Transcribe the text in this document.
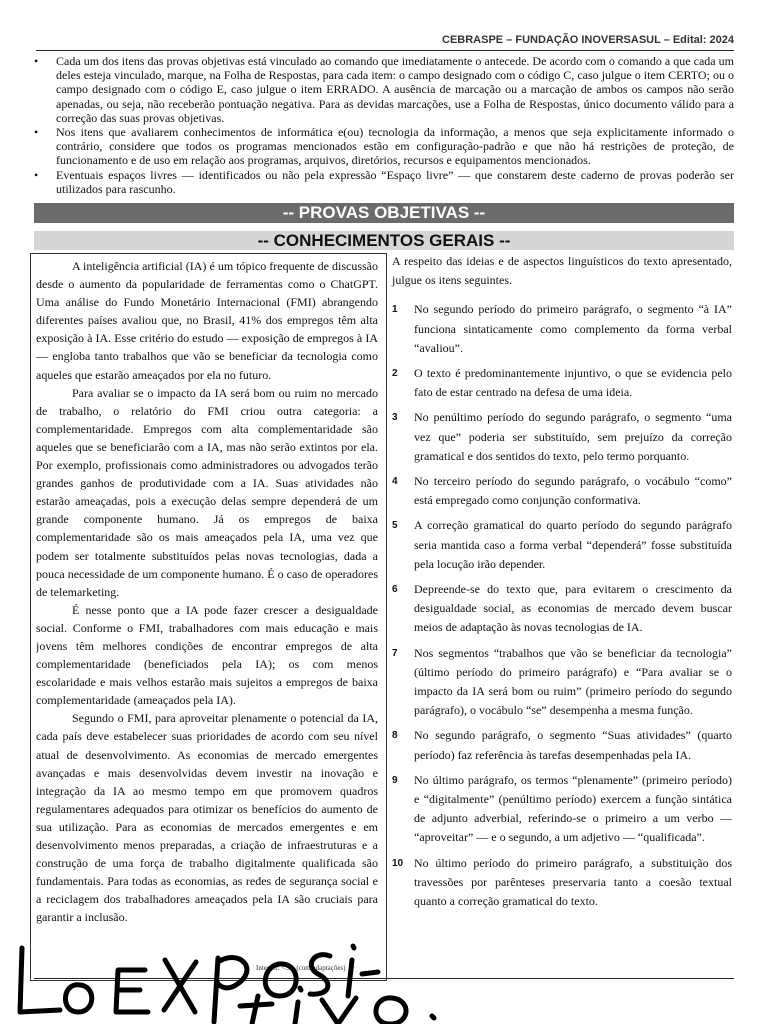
CEBRASPE – FUNDAÇÃO INOVERSASUL – Edital: 2024
• Cada um dos itens das provas objetivas está vinculado ao comando que imediatamente o antecede. De acordo com o comando a que cada um deles esteja vinculado, marque, na Folha de Respostas, para cada item: o campo designado com o código C, caso julgue o item CERTO; ou o campo designado com o código E, caso julgue o item ERRADO. A ausência de marcação ou a marcação de ambos os campos não serão apenadas, ou seja, não receberão pontuação negativa. Para as devidas marcações, use a Folha de Respostas, único documento válido para a correção das suas provas objetivas.
• Nos itens que avaliarem conhecimentos de informática e(ou) tecnologia da informação, a menos que seja explicitamente informado o contrário, considere que todos os programas mencionados estão em configuração-padrão e que não há restrições de proteção, de funcionamento e de uso em relação aos programas, arquivos, diretórios, recursos e equipamentos mencionados.
• Eventuais espaços livres — identificados ou não pela expressão “Espaço livre” — que constarem deste caderno de provas poderão ser utilizados para rascunho.
-- PROVAS OBJETIVAS --
-- CONHECIMENTOS GERAIS --

A inteligência artificial (IA) é um tópico frequente de discussão desde o aumento da popularidade de ferramentas como o ChatGPT. Uma análise do Fundo Monetário Internacional (FMI) abrangendo diferentes países avaliou que, no Brasil, 41% dos empregos têm alta exposição à IA. Esse critério do estudo — exposição de empregos à IA — engloba tanto trabalhos que vão se beneficiar da tecnologia como aqueles que estarão ameaçados por ela no futuro.

Para avaliar se o impacto da IA será bom ou ruim no mercado de trabalho, o relatório do FMI criou outra categoria: a complementaridade. Empregos com alta complementaridade são aqueles que se beneficiarão com a IA, mas não serão extintos por ela. Por exemplo, profissionais como administradores ou advogados terão grandes ganhos de produtividade com a IA. Suas atividades não estarão ameaçadas, pois a execução delas sempre dependerá de um grande componente humano. Já os empregos de baixa complementaridade são os mais ameaçados pela IA, uma vez que podem ser totalmente substituídos pelas novas tecnologias, dada a pouca necessidade de um componente humano. É o caso de operadores de telemarketing.

É nesse ponto que a IA pode fazer crescer a desigualdade social. Conforme o FMI, trabalhadores com mais educação e mais jovens têm melhores condições de encontrar empregos de alta complementaridade (beneficiados pela IA); os com menos escolaridade e mais velhos estarão mais sujeitos a empregos de baixa complementaridade (ameaçados pela IA).

Segundo o FMI, para aproveitar plenamente o potencial da IA, cada país deve estabelecer suas prioridades de acordo com seu nível atual de desenvolvimento. As economias de mercado emergentes avançadas e mais desenvolvidas devem investir na inovação e integração da IA ao mesmo tempo em que promovem quadros regulamentares adequados para otimizar os benefícios do aumento de sua utilização. Para as economias de mercados emergentes e em desenvolvimento menos preparadas, a criação de infraestruturas e a construção de uma força de trabalho digitalmente qualificada são fundamentais. Para todas as economias, as redes de segurança social e a reciclagem dos trabalhadores ameaçados pela IA são cruciais para garantir a inclusão.

Internet: <...> (com adaptações)

A respeito das ideias e de aspectos linguísticos do texto apresentado, julgue os itens seguintes.

1 No segundo período do primeiro parágrafo, o segmento “à IA” funciona sintaticamente como complemento da forma verbal “avaliou”.
2 O texto é predominantemente injuntivo, o que se evidencia pelo fato de estar centrado na defesa de uma ideia.
3 No penúltimo período do segundo parágrafo, o segmento “uma vez que” poderia ser substituído, sem prejuízo da correção gramatical e dos sentidos do texto, pelo termo porquanto.
4 No terceiro período do segundo parágrafo, o vocábulo “como” está empregado como conjunção conformativa.
5 A correção gramatical do quarto período do segundo parágrafo seria mantida caso a forma verbal “dependerá” fosse substituída pela locução irão depender.
6 Depreende-se do texto que, para evitarem o crescimento da desigualdade social, as economias de mercado devem buscar meios de adaptação às novas tecnologias de IA.
7 Nos segmentos “trabalhos que vão se beneficiar da tecnologia” (último período do primeiro parágrafo) e “Para avaliar se o impacto da IA será bom ou ruim” (primeiro período do segundo parágrafo), o vocábulo “se” desempenha a mesma função.
8 No segundo parágrafo, o segmento “Suas atividades” (quarto período) faz referência às tarefas desempenhadas pela IA.
9 No último parágrafo, os termos “plenamente” (primeiro período) e “digitalmente” (penúltimo período) exercem a função sintática de adjunto adverbial, referindo-se o primeiro a um verbo — “aproveitar” — e o segundo, a um adjetivo — “qualificada”.
10 No último período do primeiro parágrafo, a substituição dos travessões por parênteses preservaria tanto a coesão textual quanto a correção gramatical do texto.
Lo Expositivo.
